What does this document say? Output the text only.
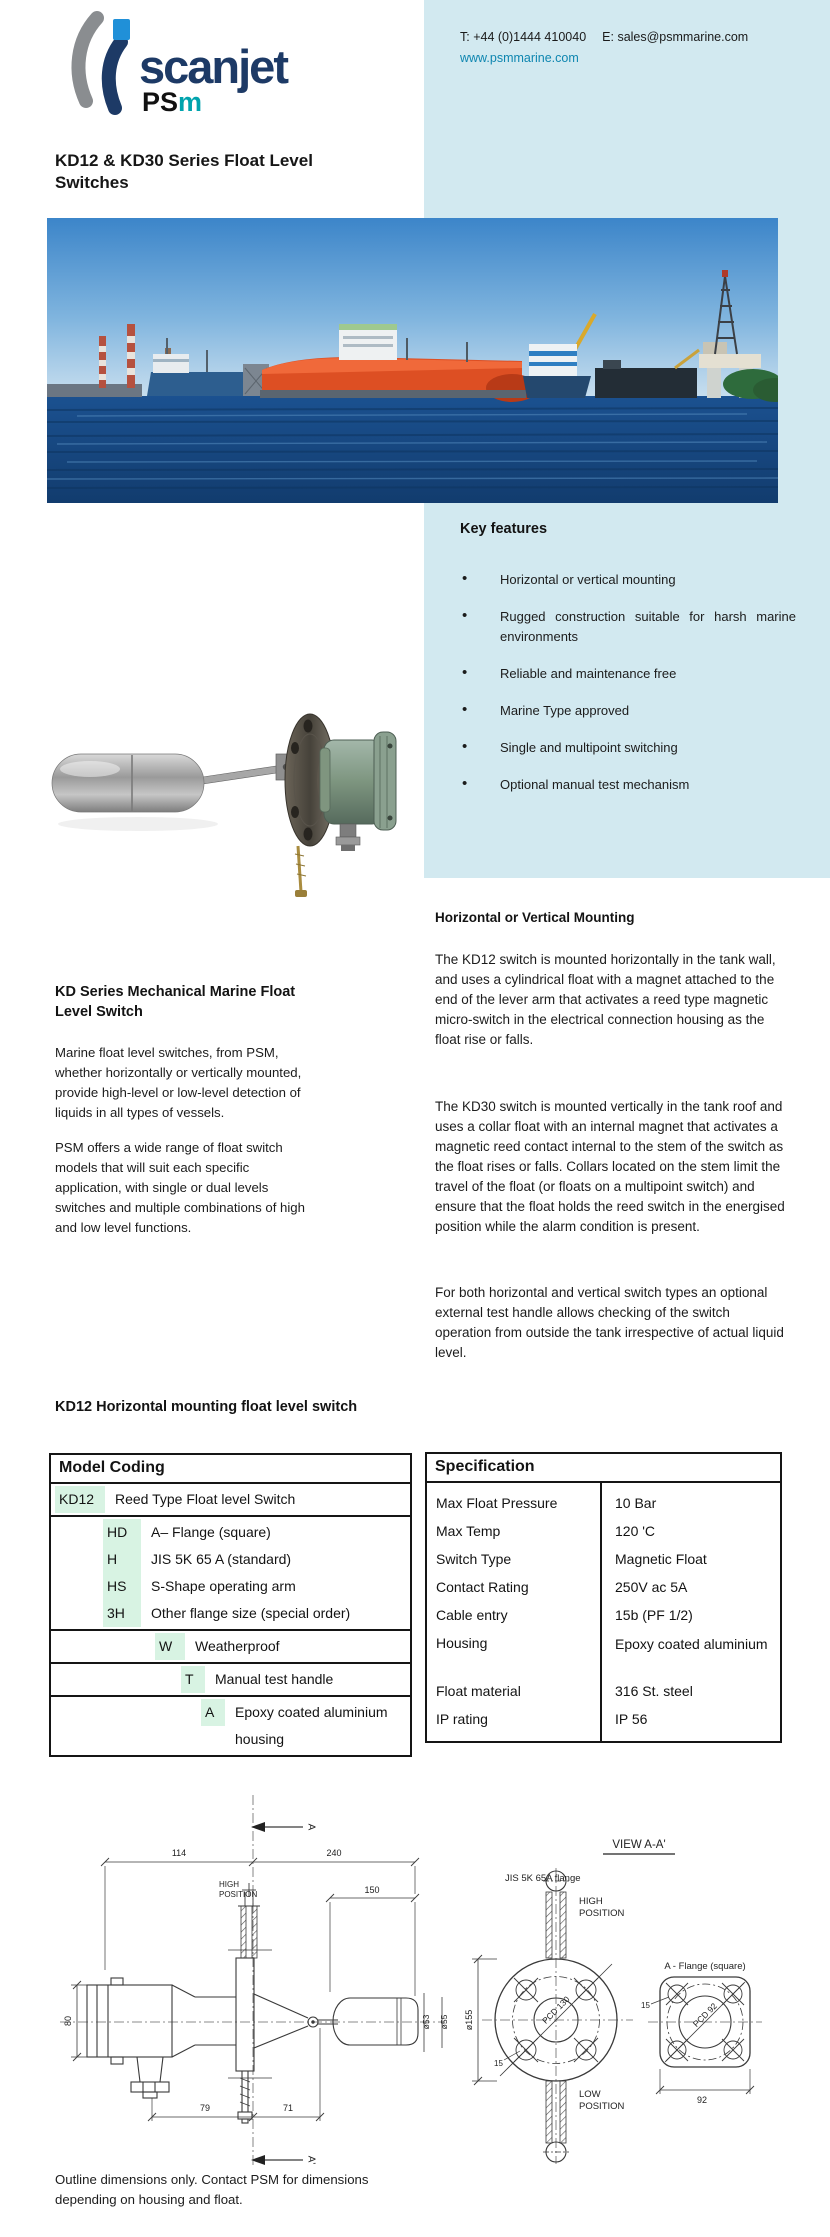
scanjet
PSm
T: +44 (0)1444 410040 E: sales@psmmarine.com
www.psmmarine.com
KD12 & KD30 Series Float Level Switches
Key features
• Horizontal or vertical mounting
• Rugged construction suitable for harsh marine environments
• Reliable and maintenance free
• Marine Type approved
• Single and multipoint switching
• Optional manual test mechanism
KD Series Mechanical Marine Float Level Switch
Marine float level switches, from PSM, whether horizontally or vertically mounted, provide high-level or low-level detection of liquids in all types of vessels.
PSM offers a wide range of float switch models that will suit each specific application, with single or dual levels switches and multiple combinations of high and low level functions.
Horizontal or Vertical Mounting
The KD12 switch is mounted horizontally in the tank wall, and uses a cylindrical float with a magnet attached to the end of the lever arm that activates a reed type magnetic micro-switch in the electrical connection housing as the float rise or falls.
The KD30 switch is mounted vertically in the tank roof and uses a collar float with an internal magnet that activates a magnetic reed contact internal to the stem of the switch as the float rises or falls. Collars located on the stem limit the travel of the float (or floats on a multipoint switch) and ensure that the float holds the reed switch in the energised position while the alarm condition is present.
For both horizontal and vertical switch types an optional external test handle allows checking of the switch operation from outside the tank irrespective of actual liquid level.
KD12 Horizontal mounting float level switch
Model Coding
KD12 Reed Type Float level Switch
HD A– Flange (square)
H JIS 5K 65 A (standard)
HS S-Shape operating arm
3H Other flange size (special order)
W Weatherproof
T Manual test handle
A Epoxy coated aluminium housing
Specification
Max Float Pressure	10 Bar
Max Temp	120 'C
Switch Type	Magnetic Float
Contact Rating	250V ac 5A
Cable entry	15b (PF 1/2)
Housing	Epoxy coated aluminium
Float material	316 St. steel
IP rating	IP 56
A
A'
114	240
150
HIGH
POSITION
80	ø53 ø55
79	71
VIEW A-A'
JIS 5K 65A flange
HIGH
POSITION
LOW
POSITION
ø155	PCD 130
15
A - Flange (square)
PCD 92
15
92
Outline dimensions only. Contact PSM for dimensions depending on housing and float.
